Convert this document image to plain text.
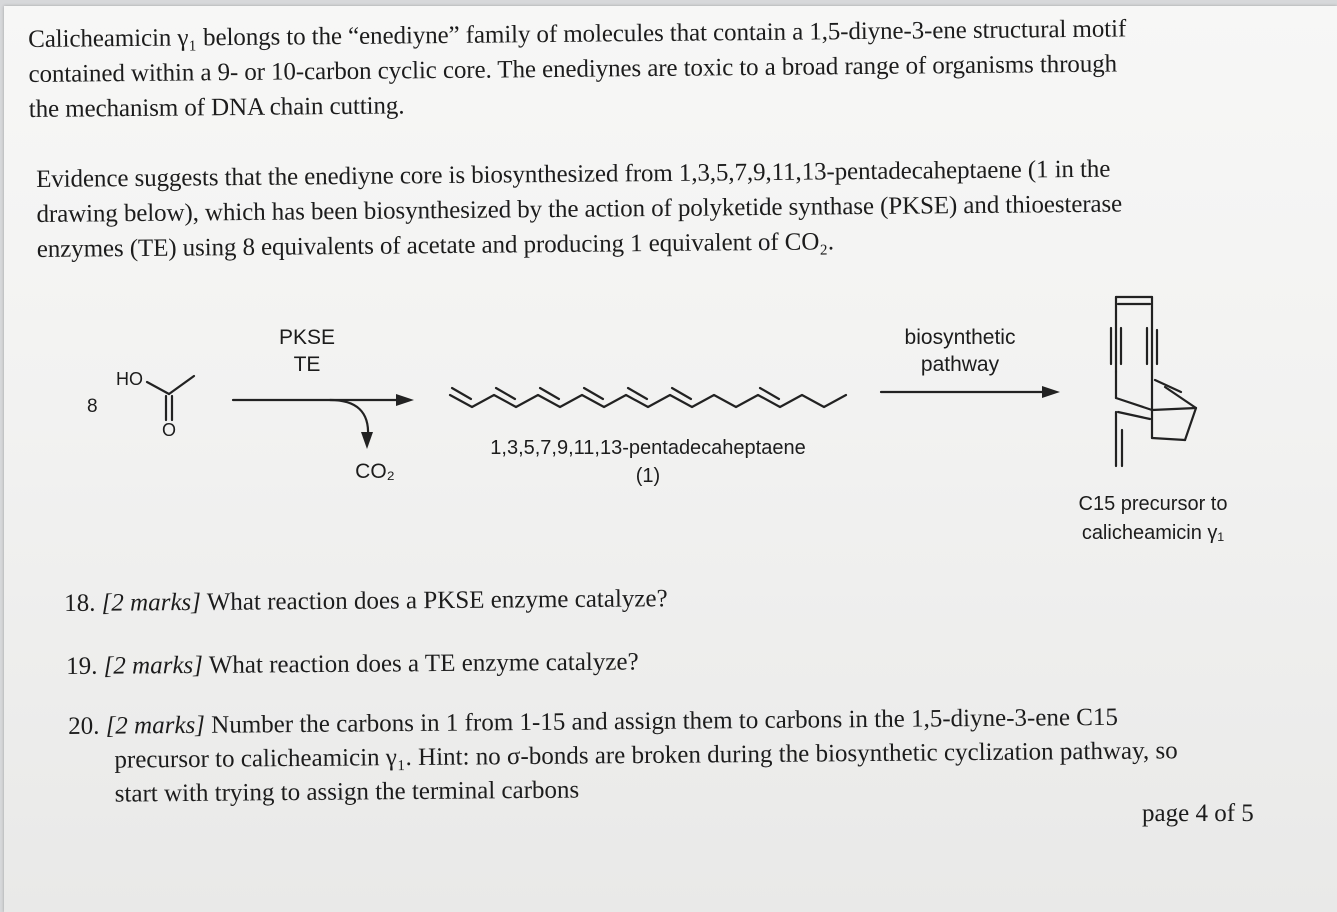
Calicheamicin γ₁ belongs to the “enediyne” family of molecules that contain a 1,5-diyne-3-ene structural motif
contained within a 9- or 10-carbon cyclic core. The enediynes are toxic to a broad range of organisms through
the mechanism of DNA chain cutting.
Evidence suggests that the enediyne core is biosynthesized from 1,3,5,7,9,11,13-pentadecaheptaene (1 in the
drawing below), which has been biosynthesized by the action of polyketide synthase (PKSE) and thioesterase
enzymes (TE) using 8 equivalents of acetate and producing 1 equivalent of CO₂.
8
HO
O
PKSE
TE
CO₂
1,3,5,7,9,11,13-pentadecaheptaene
(1)
biosynthetic
pathway
C15 precursor to
calicheamicin γ₁
18. [2 marks] What reaction does a PKSE enzyme catalyze?
19. [2 marks] What reaction does a TE enzyme catalyze?
20. [2 marks] Number the carbons in 1 from 1-15 and assign them to carbons in the 1,5-diyne-3-ene C15
precursor to calicheamicin γ₁. Hint: no σ-bonds are broken during the biosynthetic cyclization pathway, so
start with trying to assign the terminal carbons
page 4 of 5
